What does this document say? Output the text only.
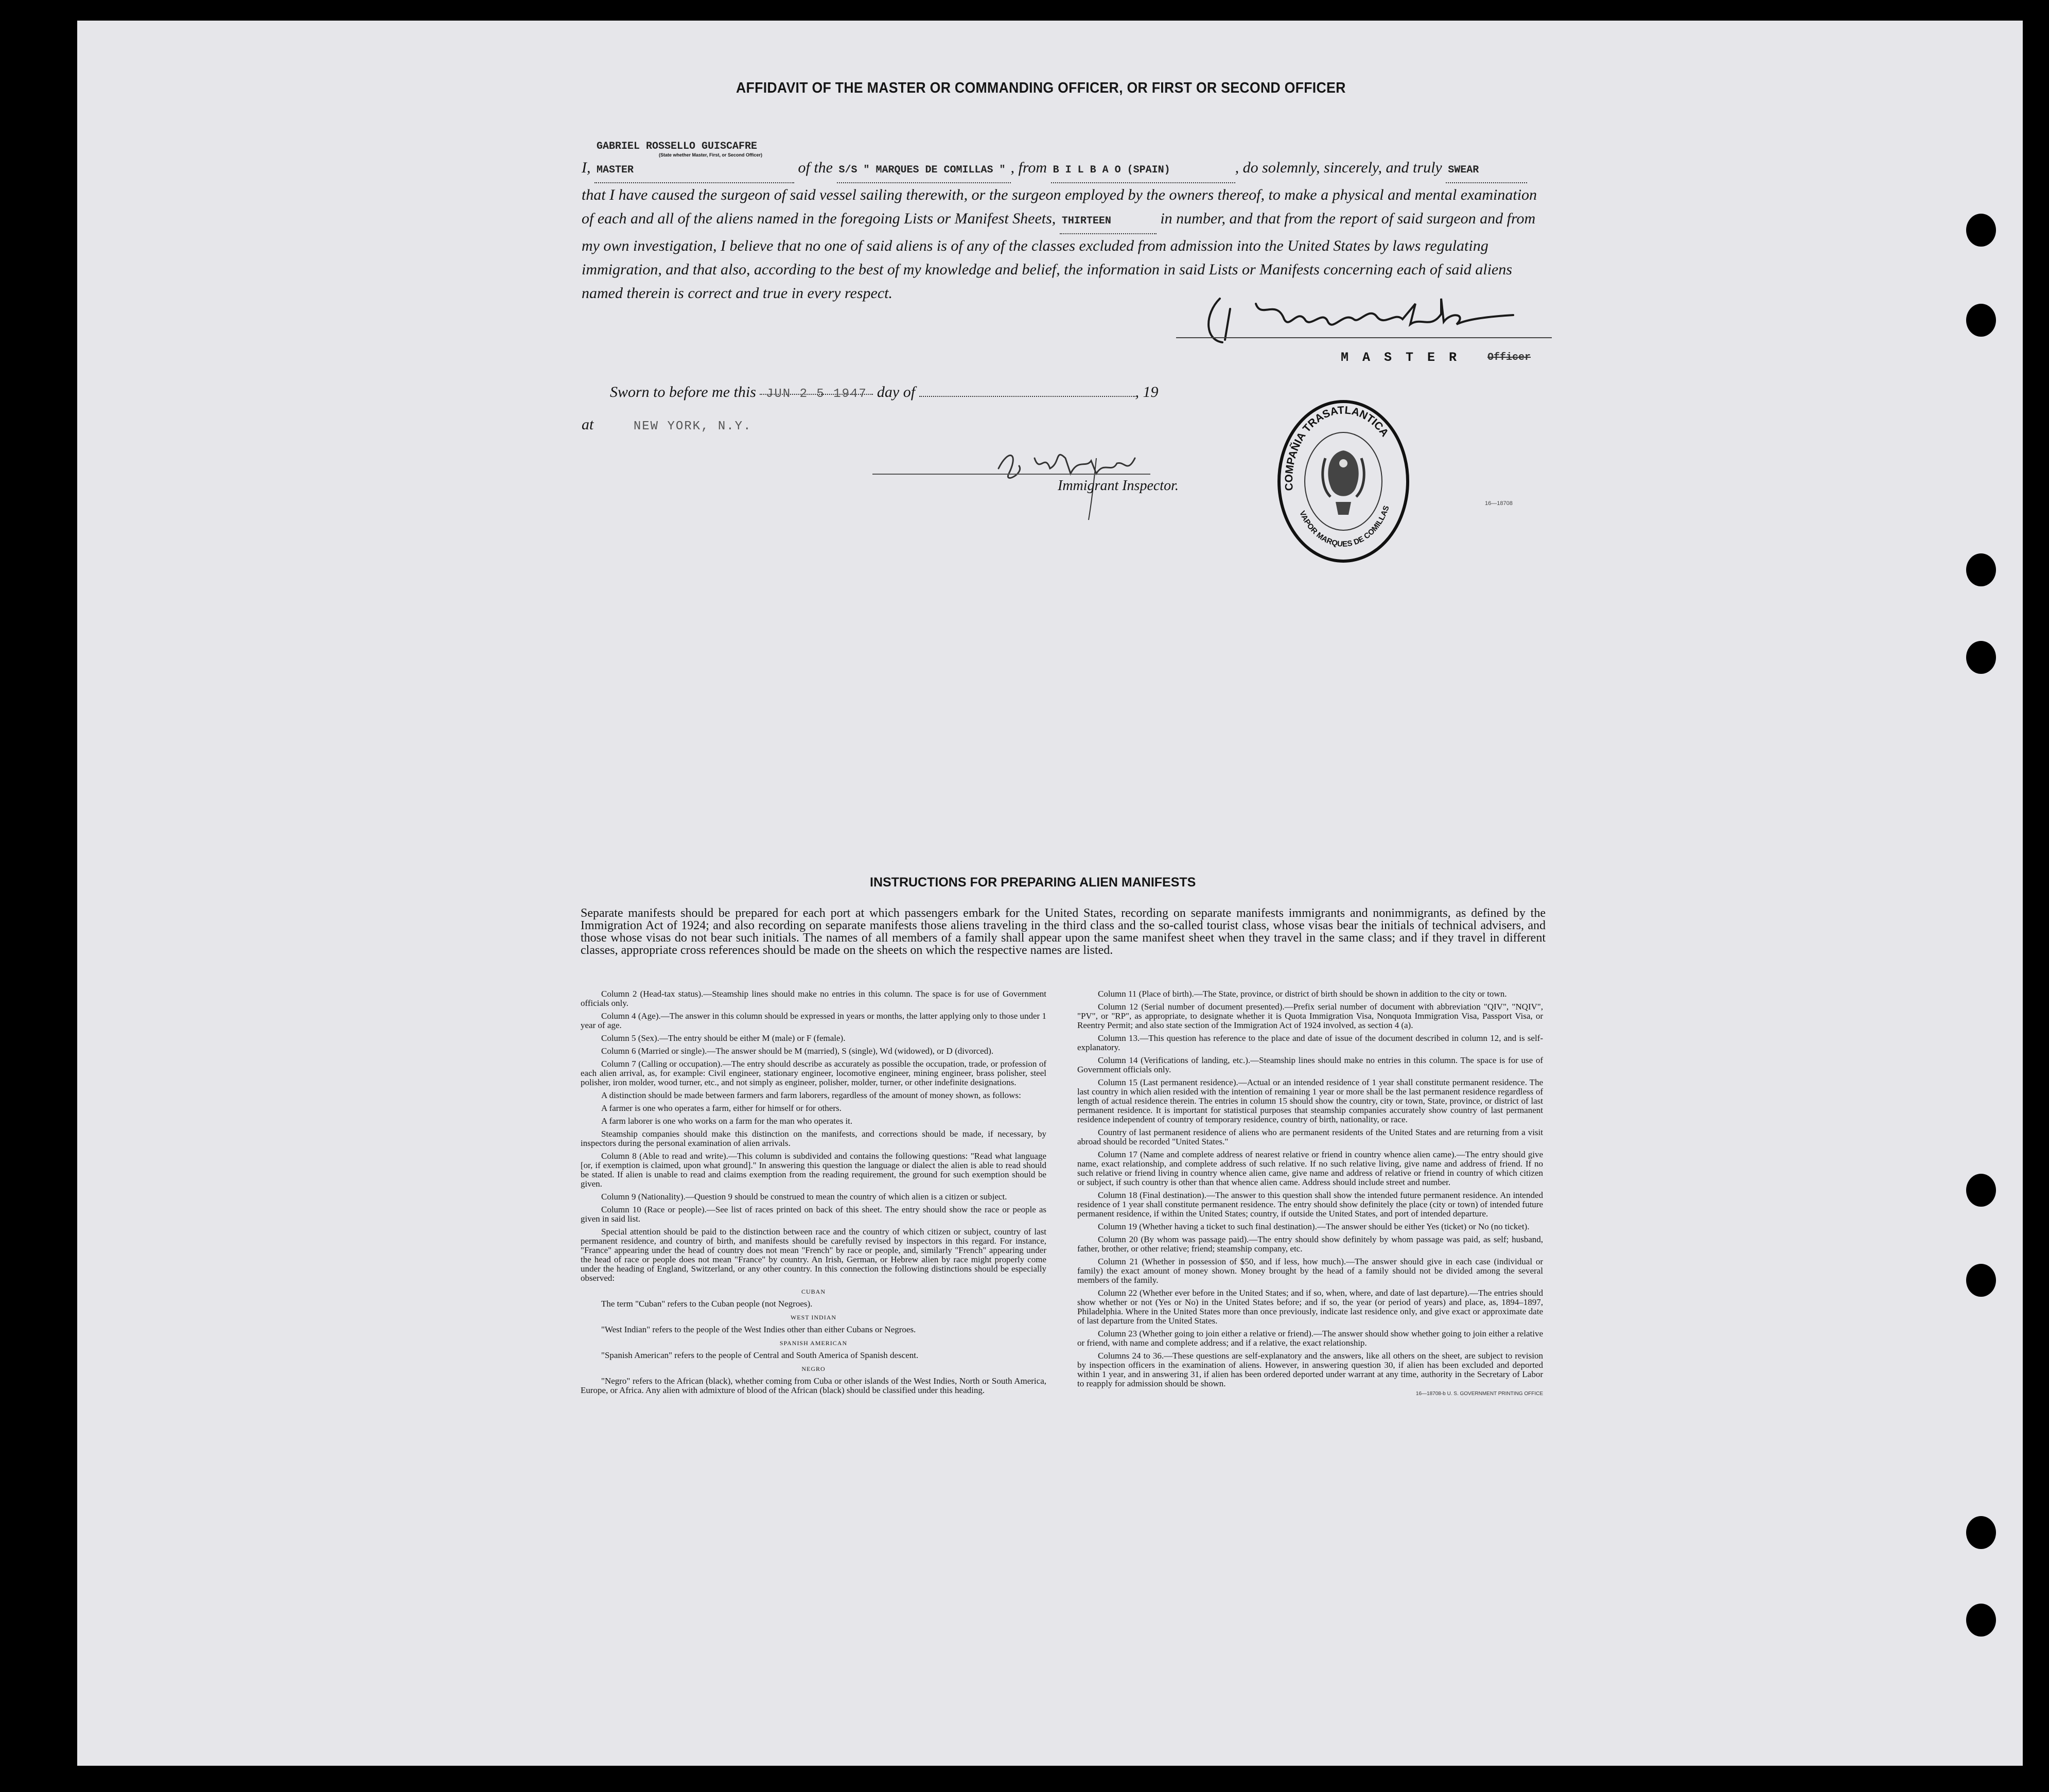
AFFIDAVIT OF THE MASTER OR COMMANDING OFFICER, OR FIRST OR SECOND OFFICER

I, GABRIEL ROSSELLO GUISCAFRE MASTER	of the S/S " MARQUES DE COMILLAS " , from B I L B A O (SPAIN)	, do solemnly, sincerely, and truly SWEAR that I have caused the surgeon of said vessel sailing therewith, or the surgeon employed by the owners thereof, to make a physical and mental examination of each and all of the aliens named in the foregoing Lists or Manifest Sheets, THIRTEEN	in number, and that from the report of said surgeon and from my own investigation, I believe that no one of said aliens is of any of the classes excluded from admission into the United States by laws regulating immigration, and that also, according to the best of my knowledge and belief, the information in said Lists or Manifests concerning each of said aliens named therein is correct and true in every respect.

(State whether Master, First, or Second Officer)
M A S T E R	Officer
Sworn to before me this JUN 2 5 1947 day of	, 19
at	NEW YORK, N.Y.
Immigrant Inspector.	COMPAÑIA TRASATLANTICA
VAPOR MARQUES DE COMILLAS
16—18708
INSTRUCTIONS FOR PREPARING ALIEN MANIFESTS

Separate manifests should be prepared for each port at which passengers embark for the United States, recording on separate manifests immigrants and nonimmigrants, as defined by the Immigration Act of 1924; and also recording on separate manifests those aliens traveling in the third class and the so-called tourist class, whose visas bear the initials of technical advisers, and those whose visas do not bear such initials. The names of all members of a family shall appear upon the same manifest sheet when they travel in the same class; and if they travel in different classes, appropriate cross references should be made on the sheets on which the respective names are listed.

Column 2 (Head-tax status).—Steamship lines should make no entries in this column. The space is for use of Government officials only.

Column 4 (Age).—The answer in this column should be expressed in years or months, the latter applying only to those under 1 year of age.

Column 5 (Sex).—The entry should be either M (male) or F (female).

Column 6 (Married or single).—The answer should be M (married), S (single), Wd (widowed), or D (divorced).

Column 7 (Calling or occupation).—The entry should describe as accurately as possible the occupation, trade, or profession of each alien arrival, as, for example: Civil engineer, stationary engineer, locomotive engineer, mining engineer, brass polisher, steel polisher, iron molder, wood turner, etc., and not simply as engineer, polisher, molder, turner, or other indefinite designations.

A distinction should be made between farmers and farm laborers, regardless of the amount of money shown, as follows:

A farmer is one who operates a farm, either for himself or for others.

A farm laborer is one who works on a farm for the man who operates it.

Steamship companies should make this distinction on the manifests, and corrections should be made, if necessary, by inspectors during the personal examination of alien arrivals.

Column 8 (Able to read and write).—This column is subdivided and contains the following questions: "Read what language [or, if exemption is claimed, upon what ground]." In answering this question the language or dialect the alien is able to read should be stated. If alien is unable to read and claims exemption from the reading requirement, the ground for such exemption should be given.

Column 9 (Nationality).—Question 9 should be construed to mean the country of which alien is a citizen or subject.

Column 10 (Race or people).—See list of races printed on back of this sheet. The entry should show the race or people as given in said list.

Special attention should be paid to the distinction between race and the country of which citizen or subject, country of last permanent residence, and country of birth, and manifests should be carefully revised by inspectors in this regard. For instance, "France" appearing under the head of country does not mean "French" by race or people, and, similarly "French" appearing under the head of race or people does not mean "France" by country. An Irish, German, or Hebrew alien by race might properly come under the heading of England, Switzerland, or any other country. In this connection the following distinctions should be especially observed:

CUBAN

The term "Cuban" refers to the Cuban people (not Negroes).

WEST INDIAN

"West Indian" refers to the people of the West Indies other than either Cubans or Negroes.

SPANISH AMERICAN

"Spanish American" refers to the people of Central and South America of Spanish descent.

NEGRO

"Negro" refers to the African (black), whether coming from Cuba or other islands of the West Indies, North or South America, Europe, or Africa. Any alien with admixture of blood of the African (black) should be classified under this heading.

Column 11 (Place of birth).—The State, province, or district of birth should be shown in addition to the city or town.

Column 12 (Serial number of document presented).—Prefix serial number of document with abbreviation "QIV", "NQIV", "PV", or "RP", as appropriate, to designate whether it is Quota Immigration Visa, Nonquota Immigration Visa, Passport Visa, or Reentry Permit; and also state section of the Immigration Act of 1924 involved, as section 4 (a).

Column 13.—This question has reference to the place and date of issue of the document described in column 12, and is self-explanatory.

Column 14 (Verifications of landing, etc.).—Steamship lines should make no entries in this column. The space is for use of Government officials only.

Column 15 (Last permanent residence).—Actual or an intended residence of 1 year shall constitute permanent residence. The last country in which alien resided with the intention of remaining 1 year or more shall be the last permanent residence regardless of length of actual residence therein. The entries in column 15 should show the country, city or town, State, province, or district of last permanent residence. It is important for statistical purposes that steamship companies accurately show country of last permanent residence independent of country of temporary residence, country of birth, nationality, or race.

Country of last permanent residence of aliens who are permanent residents of the United States and are returning from a visit abroad should be recorded "United States."

Column 17 (Name and complete address of nearest relative or friend in country whence alien came).—The entry should give name, exact relationship, and complete address of such relative. If no such relative living, give name and address of friend. If no such relative or friend living in country whence alien came, give name and address of relative or friend in country of which citizen or subject, if such country is other than that whence alien came. Address should include street and number.

Column 18 (Final destination).—The answer to this question shall show the intended future permanent residence. An intended residence of 1 year shall constitute permanent residence. The entry should show definitely the place (city or town) of intended future permanent residence, if within the United States; country, if outside the United States, and port of intended departure.

Column 19 (Whether having a ticket to such final destination).—The answer should be either Yes (ticket) or No (no ticket).

Column 20 (By whom was passage paid).—The entry should show definitely by whom passage was paid, as self; husband, father, brother, or other relative; friend; steamship company, etc.

Column 21 (Whether in possession of $50, and if less, how much).—The answer should give in each case (individual or family) the exact amount of money shown. Money brought by the head of a family should not be divided among the several members of the family.

Column 22 (Whether ever before in the United States; and if so, when, where, and date of last departure).—The entries should show whether or not (Yes or No) in the United States before; and if so, the year (or period of years) and place, as, 1894–1897, Philadelphia. Where in the United States more than once previously, indicate last residence only, and give exact or approximate date of last departure from the United States.

Column 23 (Whether going to join either a relative or friend).—The answer should show whether going to join either a relative or friend, with name and complete address; and if a relative, the exact relationship.

Columns 24 to 36.—These questions are self-explanatory and the answers, like all others on the sheet, are subject to revision by inspection officers in the examination of aliens. However, in answering question 30, if alien has been excluded and deported within 1 year, and in answering 31, if alien has been ordered deported under warrant at any time, authority in the Secretary of Labor to reapply for admission should be shown.

16—18708-b U. S. GOVERNMENT PRINTING OFFICE
